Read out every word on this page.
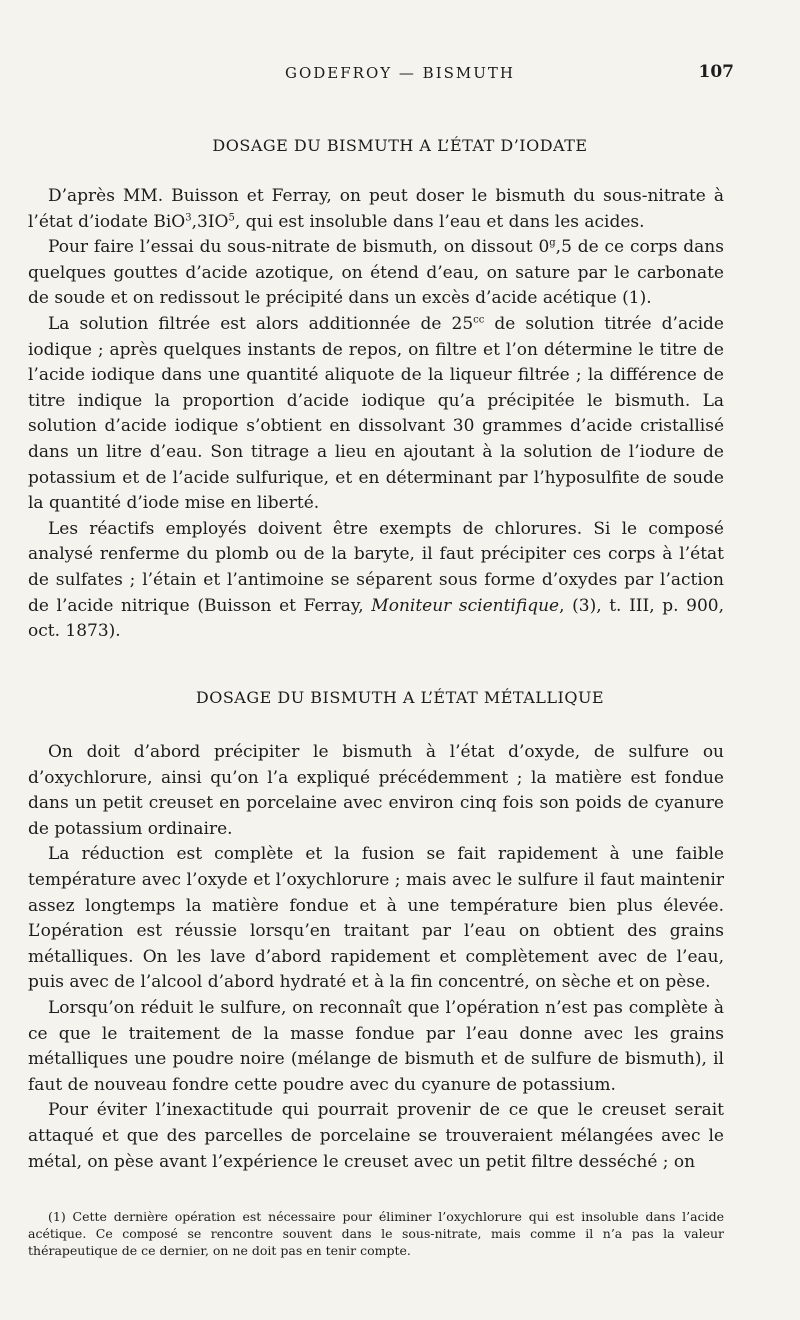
GODEFROY — BISMUTH	107
DOSAGE DU BISMUTH A L’ÉTAT D’IODATE

D’après MM. Buisson et Ferray, on peut doser le bismuth du sous-nitrate à l’état d’iodate $BiO^3,3IO^5$, qui est insoluble dans l’eau et dans les acides.

Pour faire l’essai du sous-nitrate de bismuth, on dissout 0$^g$,5 de ce corps dans quelques gouttes d’acide azotique, on étend d’eau, on sature par le carbonate de soude et on redissout le précipité dans un excès d’acide acétique (1).

La solution filtrée est alors additionnée de $25^{cc}$ de solution titrée d’acide iodique ; après quelques instants de repos, on filtre et l’on détermine le titre de l’acide iodique dans une quantité aliquote de la liqueur filtrée ; la différence de titre indique la proportion d’acide iodique qu’a précipitée le bismuth. La solution d’acide iodique s’obtient en dissolvant 30 grammes d’acide cristallisé dans un litre d’eau. Son titrage a lieu en ajoutant à la solution de l’iodure de potassium et de l’acide sulfurique, et en déterminant par l’hyposulfite de soude la quantité d’iode mise en liberté.

Les réactifs employés doivent être exempts de chlorures. Si le composé analysé renferme du plomb ou de la baryte, il faut précipiter ces corps à l’état de sulfates ; l’étain et l’antimoine se séparent sous forme d’oxydes par l’action de l’acide nitrique (Buisson et Ferray, Moniteur scientifique, (3), t. III, p. 900, oct. 1873).

DOSAGE DU BISMUTH A L’ÉTAT MÉTALLIQUE

On doit d’abord précipiter le bismuth à l’état d’oxyde, de sulfure ou d’oxychlorure, ainsi qu’on l’a expliqué précédemment ; la matière est fondue dans un petit creuset en porcelaine avec environ cinq fois son poids de cyanure de potassium ordinaire.

La réduction est complète et la fusion se fait rapidement à une faible température avec l’oxyde et l’oxychlorure ; mais avec le sulfure il faut maintenir assez longtemps la matière fondue et à une température bien plus élevée. L’opération est réussie lorsqu’en traitant par l’eau on obtient des grains métalliques. On les lave d’abord rapidement et complètement avec de l’eau, puis avec de l’alcool d’abord hydraté et à la fin concentré, on sèche et on pèse.

Lorsqu’on réduit le sulfure, on reconnaît que l’opération n’est pas complète à ce que le traitement de la masse fondue par l’eau donne avec les grains métalliques une poudre noire (mélange de bismuth et de sulfure de bismuth), il faut de nouveau fondre cette poudre avec du cyanure de potassium.

Pour éviter l’inexactitude qui pourrait provenir de ce que le creuset serait attaqué et que des parcelles de porcelaine se trouveraient mélangées avec le métal, on pèse avant l’expérience le creuset avec un petit filtre desséché ; on

(1) Cette dernière opération est nécessaire pour éliminer l’oxychlorure qui est insoluble dans l’acide acétique. Ce composé se rencontre souvent dans le sous-nitrate, mais comme il n’a pas la valeur thérapeutique de ce dernier, on ne doit pas en tenir compte.
